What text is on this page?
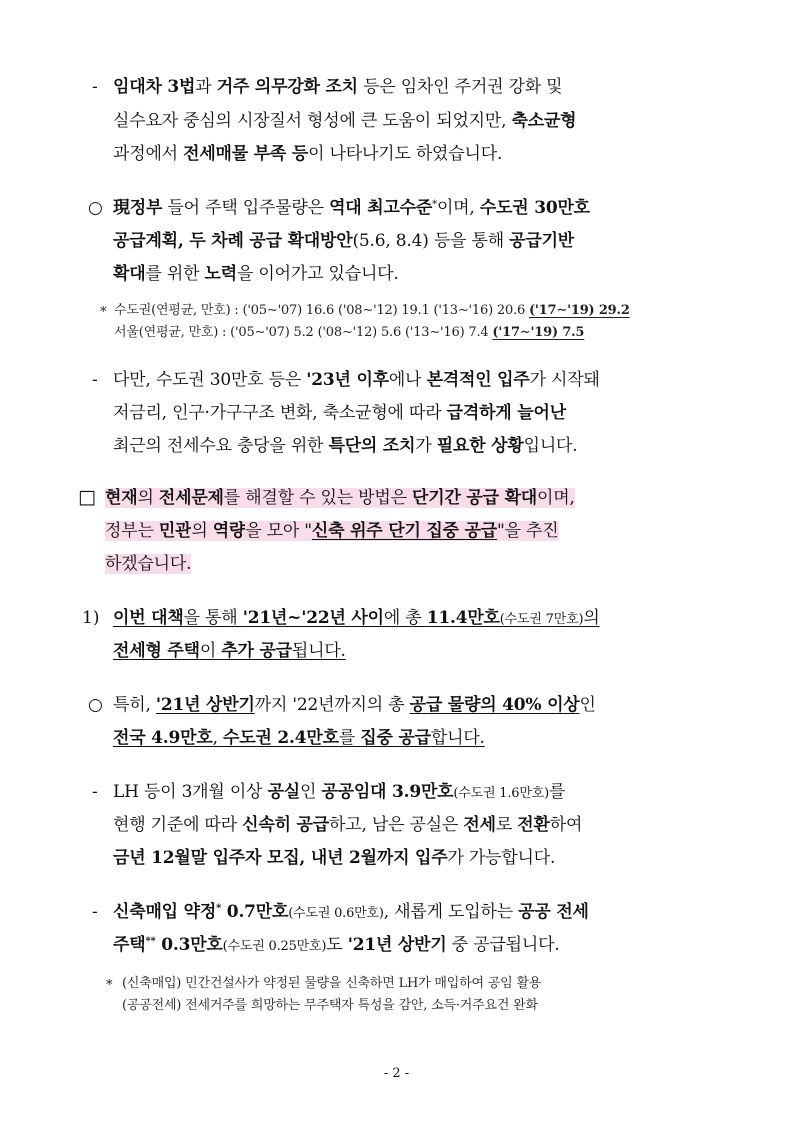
- 임대차 3법과 거주 의무강화 조치 등은 임차인 주거권 강화 및
실수요자 중심의 시장질서 형성에 큰 도움이 되었지만, 축소균형
과정에서 전세매물 부족 등이 나타나기도 하였습니다.
○ 現정부 들어 주택 입주물량은 역대 최고수준*이며, 수도권 30만호
공급계획, 두 차례 공급 확대방안(5.6, 8.4) 등을 통해 공급기반
확대를 위한 노력을 이어가고 있습니다.
* 수도권(연평균, 만호) : ('05∼'07) 16.6 ('08∼'12) 19.1 ('13∼'16) 20.6 ('17∼'19) 29.2
서울(연평균, 만호) : ('05∼'07) 5.2 ('08∼'12) 5.6 ('13∼'16) 7.4 ('17∼'19) 7.5
- 다만, 수도권 30만호 등은 '23년 이후에나 본격적인 입주가 시작돼
저금리, 인구·가구구조 변화, 축소균형에 따라 급격하게 늘어난
최근의 전세수요 충당을 위한 특단의 조치가 필요한 상황입니다.
□ 현재의 전세문제를 해결할 수 있는 방법은 단기간 공급 확대이며,
정부는 민관의 역량을 모아 "신축 위주 단기 집중 공급"을 추진
하겠습니다.
1) 이번 대책을 통해 '21년~'22년 사이에 총 11.4만호(수도권 7만호)의
전세형 주택이 추가 공급됩니다.
○ 특히, '21년 상반기까지 '22년까지의 총 공급 물량의 40% 이상인
전국 4.9만호, 수도권 2.4만호를 집중 공급합니다.
- LH 등이 3개월 이상 공실인 공공임대 3.9만호(수도권 1.6만호)를
현행 기준에 따라 신속히 공급하고, 남은 공실은 전세로 전환하여
금년 12월말 입주자 모집, 내년 2월까지 입주가 가능합니다.
- 신축매입 약정* 0.7만호(수도권 0.6만호), 새롭게 도입하는 공공 전세
주택** 0.3만호(수도권 0.25만호)도 '21년 상반기 중 공급됩니다.
* (신축매입) 민간건설사가 약정된 물량을 신축하면 LH가 매입하여 공임 활용
(공공전세) 전세거주를 희망하는 무주택자 특성을 감안, 소득·거주요건 완화
- 2 -
